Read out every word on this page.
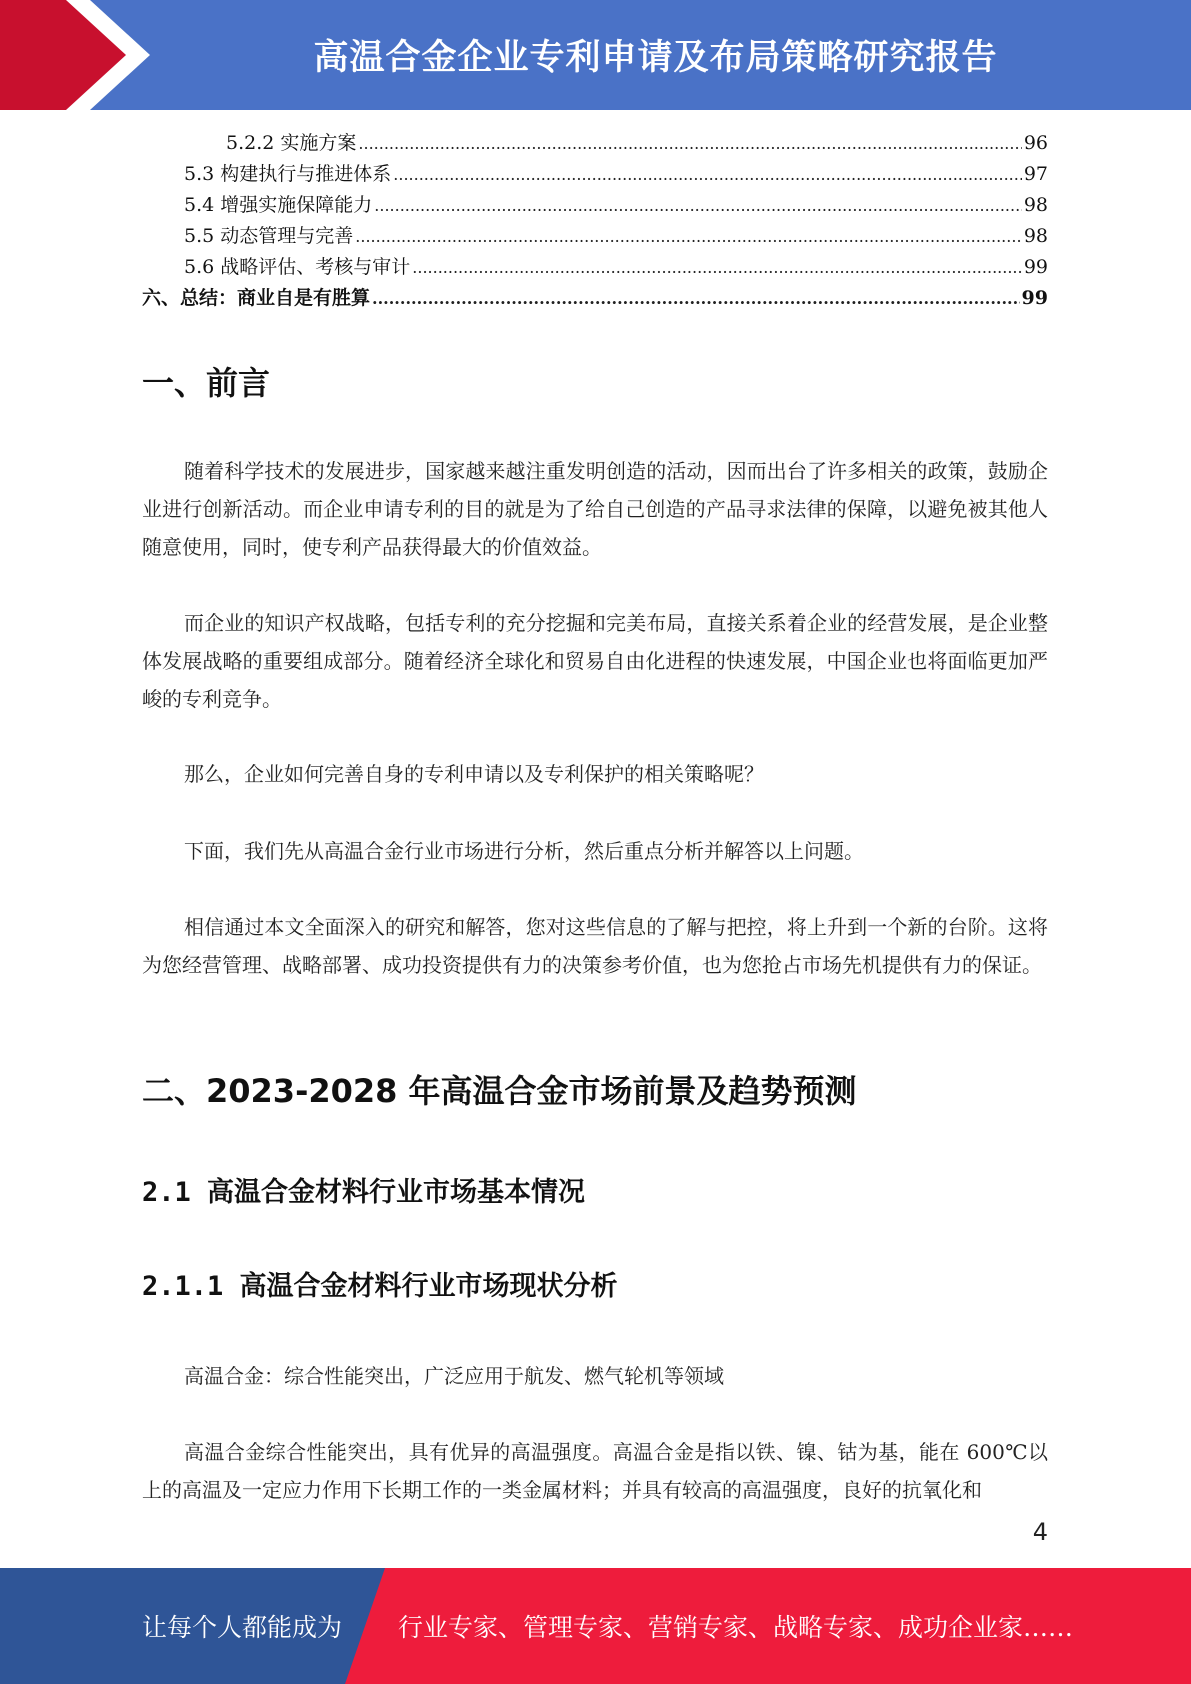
高温合金企业专利申请及布局策略研究报告
5.2.2 实施方案 .....	96
5.3 构建执行与推进体系 .....	97
5.4 增强实施保障能力 .....	98
5.5 动态管理与完善 .....	98
5.6 战略评估、考核与审计 .....	99
六、总结：商业自是有胜算 .....	99
一、前言

随着科学技术的发展进步，国家越来越注重发明创造的活动，因而出台了许多相关的政策，鼓励企业进行创新活动。而企业申请专利的目的就是为了给自己创造的产品寻求法律的保障，以避免被其他人随意使用，同时，使专利产品获得最大的价值效益。

而企业的知识产权战略，包括专利的充分挖掘和完美布局，直接关系着企业的经营发展，是企业整体发展战略的重要组成部分。随着经济全球化和贸易自由化进程的快速发展，中国企业也将面临更加严峻的专利竞争。

那么，企业如何完善自身的专利申请以及专利保护的相关策略呢？

下面，我们先从高温合金行业市场进行分析，然后重点分析并解答以上问题。

相信通过本文全面深入的研究和解答，您对这些信息的了解与把控，将上升到一个新的台阶。这将为您经营管理、战略部署、成功投资提供有力的决策参考价值，也为您抢占市场先机提供有力的保证。

二、2023-2028 年高温合金市场前景及趋势预测
2.1 高温合金材料行业市场基本情况
2.1.1 高温合金材料行业市场现状分析

高温合金：综合性能突出，广泛应用于航发、燃气轮机等领域

高温合金综合性能突出，具有优异的高温强度。高温合金是指以铁、镍、钴为基，能在 600℃以上的高温及一定应力作用下长期工作的一类金属材料；并具有较高的高温强度，良好的抗氧化和

4
让每个人都能成为 行业专家、管理专家、营销专家、战略专家、成功企业家……
